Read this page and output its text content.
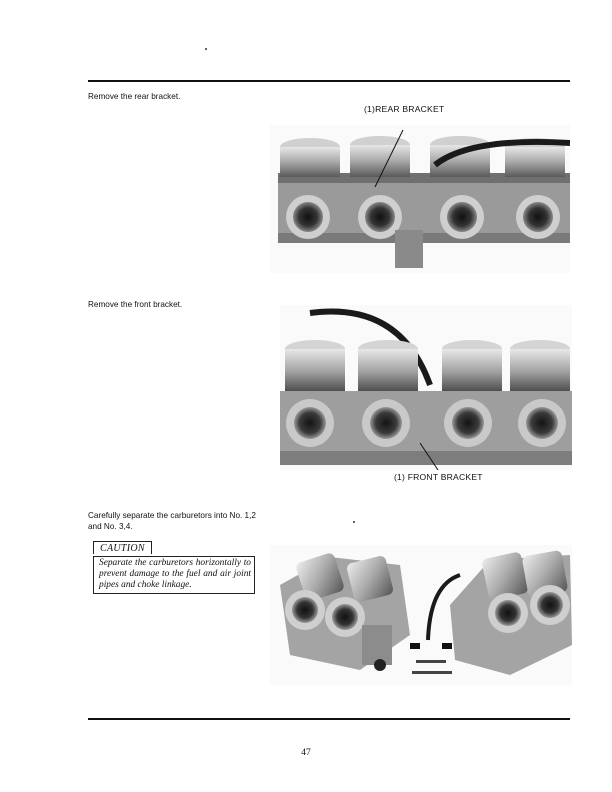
Remove the rear bracket.
(1)REAR BRACKET
Remove the front bracket.
(1) FRONT BRACKET
Carefully separate the carburetors into No. 1,2 and No. 3,4.
CAUTION
Separate the carburetors horizontally to prevent damage to the fuel and air joint pipes and choke linkage.
47
